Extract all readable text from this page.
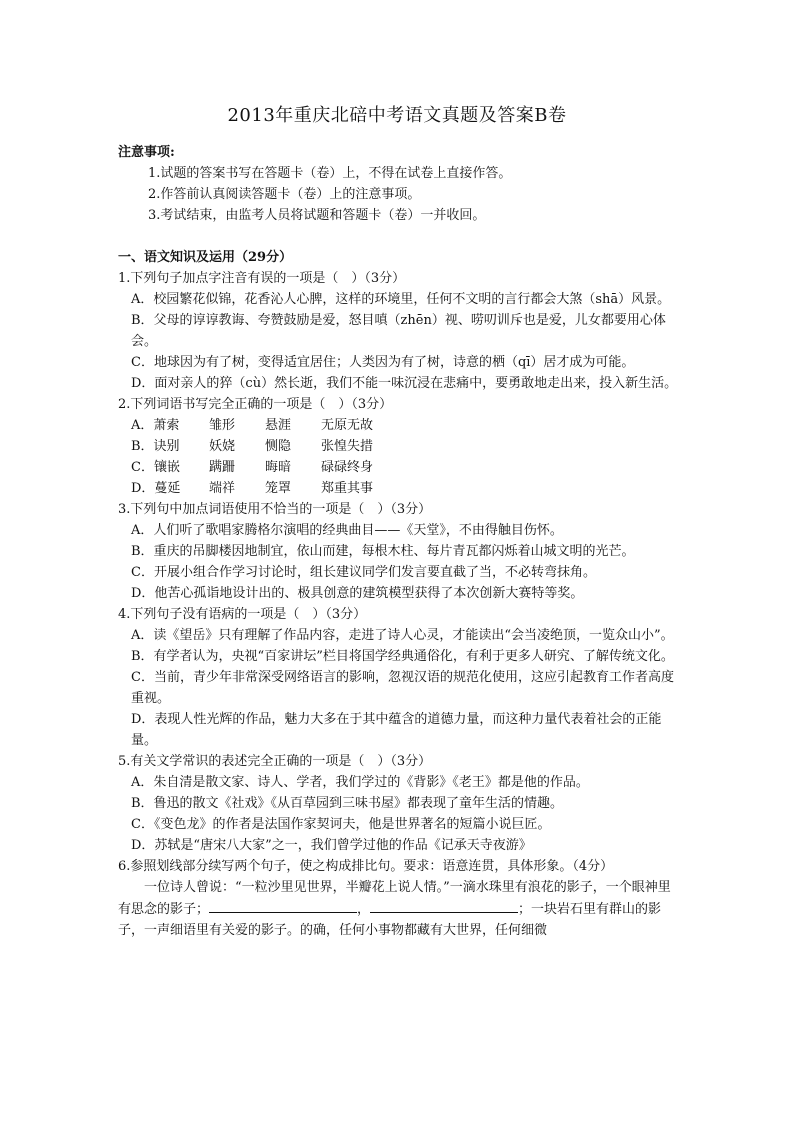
2013年重庆北碚中考语文真题及答案B卷
注意事项:
1.试题的答案书写在答题卡（卷）上，不得在试卷上直接作答。
2.作答前认真阅读答题卡（卷）上的注意事项。
3.考试结束，由监考人员将试题和答题卡（卷）一并收回。
一、语文知识及运用（29分）
1.下列句子加点字注音有误的一项是（　）（3分）
A．校园繁花似锦，花香沁人心脾，这样的环境里，任何不文明的言行都会大煞（shā）风景。
B．父母的谆谆教诲、夸赞鼓励是爱，怒目嗔（zhēn）视、唠叨训斥也是爱，儿女都要用心体会。
C．地球因为有了树，变得适宜居住；人类因为有了树，诗意的栖（qī）居才成为可能。
D．面对亲人的猝（cù）然长逝，我们不能一味沉浸在悲痛中，要勇敢地走出来，投入新生活。
2.下列词语书写完全正确的一项是（　）（3分）
A．萧索 雏形 悬涯 无原无故
B．诀别 妖娆 恻隐 张惶失措
C．镶嵌 蹒跚 晦暗 碌碌终身
D．蔓延 端祥 笼罩 郑重其事
3.下列句中加点词语使用不恰当的一项是（　）（3分）
A．人们听了歌唱家腾格尔演唱的经典曲目——《天堂》，不由得触目伤怀。
B．重庆的吊脚楼因地制宜，依山而建，每根木柱、每片青瓦都闪烁着山城文明的光芒。
C．开展小组合作学习讨论时，组长建议同学们发言要直截了当，不必转弯抹角。
D．他苦心孤诣地设计出的、极具创意的建筑模型获得了本次创新大赛特等奖。
4.下列句子没有语病的一项是（　）（3分）
A．读《望岳》只有理解了作品内容，走进了诗人心灵，才能读出“会当凌绝顶，一览众山小”。
B．有学者认为，央视“百家讲坛”栏目将国学经典通俗化，有利于更多人研究、了解传统文化。
C．当前，青少年非常深受网络语言的影响，忽视汉语的规范化使用，这应引起教育工作者高度重视。
D．表现人性光辉的作品，魅力大多在于其中蕴含的道德力量，而这种力量代表着社会的正能量。
5.有关文学常识的表述完全正确的一项是（　）（3分）
A．朱自清是散文家、诗人、学者，我们学过的《背影》《老王》都是他的作品。
B．鲁迅的散文《社戏》《从百草园到三味书屋》都表现了童年生活的情趣。
C．《变色龙》的作者是法国作家契诃夫，他是世界著名的短篇小说巨匠。
D．苏轼是“唐宋八大家”之一，我们曾学过他的作品《记承天寺夜游》
6.参照划线部分续写两个句子，使之构成排比句。要求：语意连贯，具体形象。（4分）
一位诗人曾说：“一粒沙里见世界，半瓣花上说人情。”一滴水珠里有浪花的影子，一个眼神里有思念的影子；	，	；一块岩石里有群山的影子，一声细语里有关爱的影子。的确，任何小事物都藏有大世界，任何细微
